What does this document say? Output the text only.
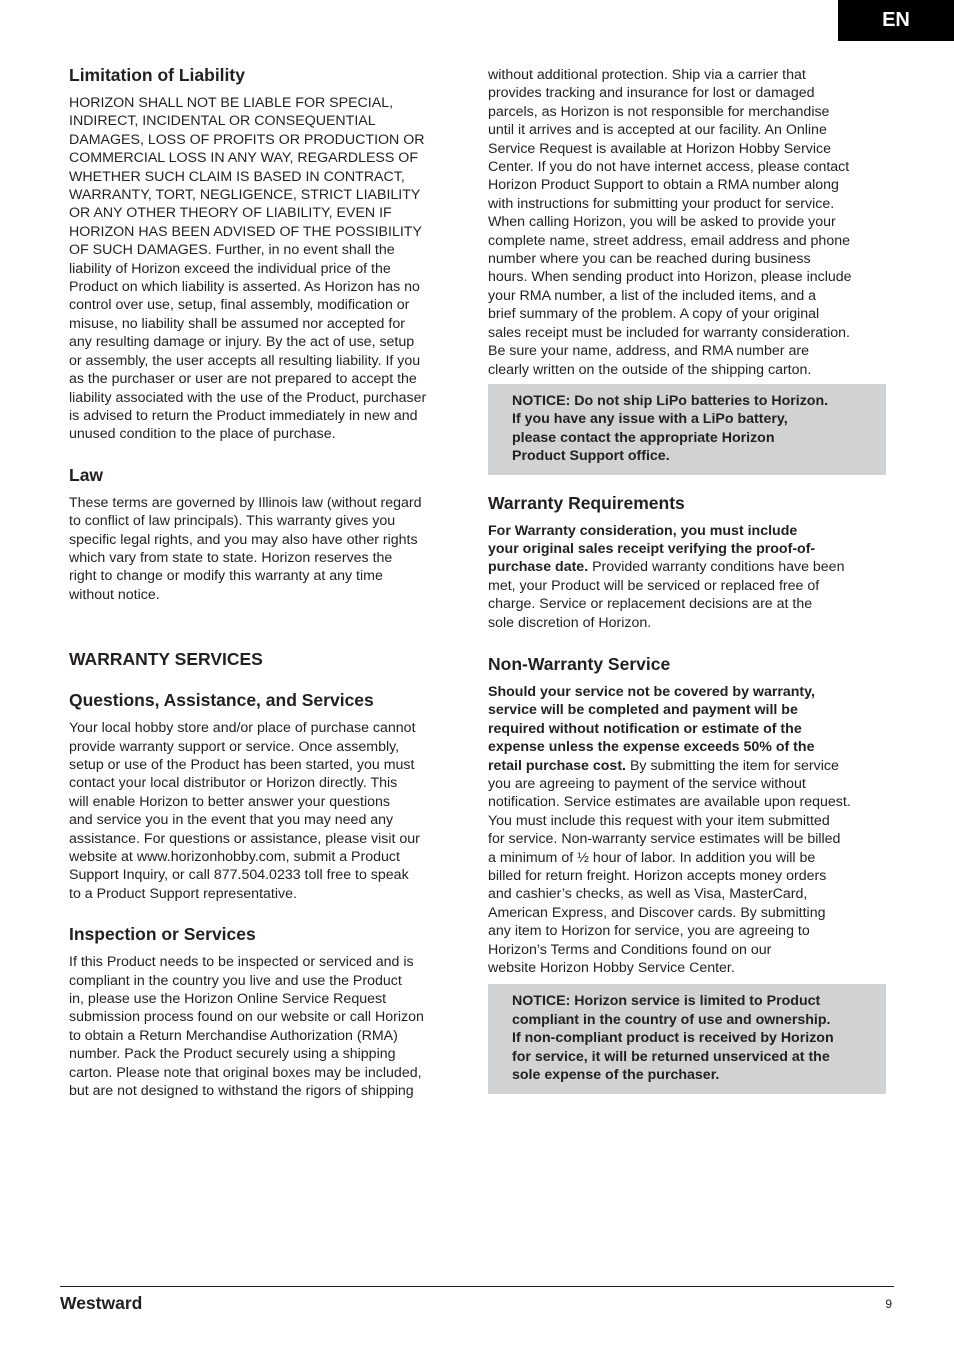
EN
Limitation of Liability

HORIZON SHALL NOT BE LIABLE FOR SPECIAL,
INDIRECT, INCIDENTAL OR CONSEQUENTIAL
DAMAGES, LOSS OF PROFITS OR PRODUCTION OR
COMMERCIAL LOSS IN ANY WAY, REGARDLESS OF
WHETHER SUCH CLAIM IS BASED IN CONTRACT,
WARRANTY, TORT, NEGLIGENCE, STRICT LIABILITY
OR ANY OTHER THEORY OF LIABILITY, EVEN IF
HORIZON HAS BEEN ADVISED OF THE POSSIBILITY
OF SUCH DAMAGES. Further, in no event shall the
liability of Horizon exceed the individual price of the
Product on which liability is asserted. As Horizon has no
control over use, setup, final assembly, modification or
misuse, no liability shall be assumed nor accepted for
any resulting damage or injury. By the act of use, setup
or assembly, the user accepts all resulting liability. If you
as the purchaser or user are not prepared to accept the
liability associated with the use of the Product, purchaser
is advised to return the Product immediately in new and
unused condition to the place of purchase.

Law

These terms are governed by Illinois law (without regard
to conflict of law principals). This warranty gives you
specific legal rights, and you may also have other rights
which vary from state to state. Horizon reserves the
right to change or modify this warranty at any time
without notice.

WARRANTY SERVICES
Questions, Assistance, and Services

Your local hobby store and/or place of purchase cannot
provide warranty support or service. Once assembly,
setup or use of the Product has been started, you must
contact your local distributor or Horizon directly. This
will enable Horizon to better answer your questions
and service you in the event that you may need any
assistance. For questions or assistance, please visit our
website at www.horizonhobby.com, submit a Product
Support Inquiry, or call 877.504.0233 toll free to speak
to a Product Support representative.

Inspection or Services

If this Product needs to be inspected or serviced and is
compliant in the country you live and use the Product
in, please use the Horizon Online Service Request
submission process found on our website or call Horizon
to obtain a Return Merchandise Authorization (RMA)
number. Pack the Product securely using a shipping
carton. Please note that original boxes may be included,
but are not designed to withstand the rigors of shipping

without additional protection. Ship via a carrier that
provides tracking and insurance for lost or damaged
parcels, as Horizon is not responsible for merchandise
until it arrives and is accepted at our facility. An Online
Service Request is available at Horizon Hobby Service
Center. If you do not have internet access, please contact
Horizon Product Support to obtain a RMA number along
with instructions for submitting your product for service.
When calling Horizon, you will be asked to provide your
complete name, street address, email address and phone
number where you can be reached during business
hours. When sending product into Horizon, please include
your RMA number, a list of the included items, and a
brief summary of the problem. A copy of your original
sales receipt must be included for warranty consideration.
Be sure your name, address, and RMA number are
clearly written on the outside of the shipping carton.

NOTICE: Do not ship LiPo batteries to Horizon.
If you have any issue with a LiPo battery,
please contact the appropriate Horizon
Product Support office.
Warranty Requirements

For Warranty consideration, you must include
your original sales receipt verifying the proof-of-
purchase date. Provided warranty conditions have been
met, your Product will be serviced or replaced free of
charge. Service or replacement decisions are at the
sole discretion of Horizon.

Non-Warranty Service

Should your service not be covered by warranty,
service will be completed and payment will be
required without notification or estimate of the
expense unless the expense exceeds 50% of the
retail purchase cost. By submitting the item for service
you are agreeing to payment of the service without
notification. Service estimates are available upon request.
You must include this request with your item submitted
for service. Non-warranty service estimates will be billed
a minimum of ½ hour of labor. In addition you will be
billed for return freight. Horizon accepts money orders
and cashier’s checks, as well as Visa, MasterCard,
American Express, and Discover cards. By submitting
any item to Horizon for service, you are agreeing to
Horizon’s Terms and Conditions found on our
website Horizon Hobby Service Center.

NOTICE: Horizon service is limited to Product
compliant in the country of use and ownership.
If non-compliant product is received by Horizon
for service, it will be returned unserviced at the
sole expense of the purchaser.
Westward	9
